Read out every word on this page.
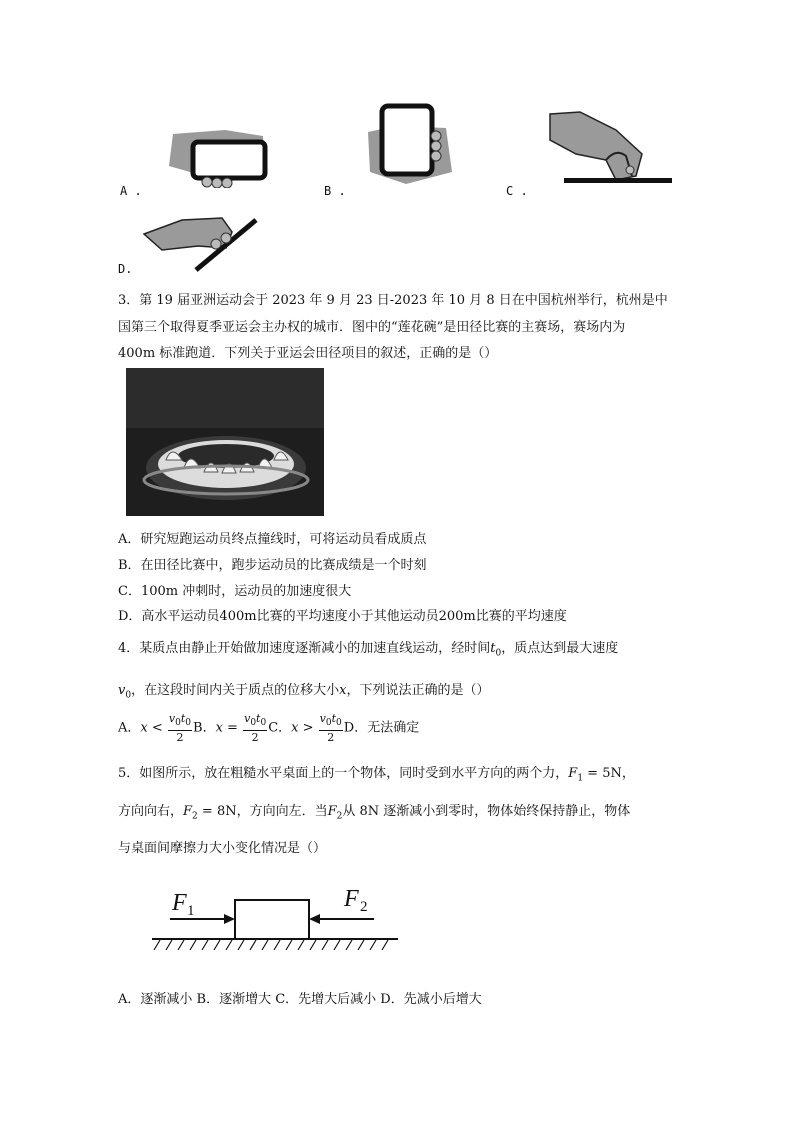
A .	B .	C .
D.
3．第 19 届亚洲运动会于 2023 年 9 月 23 日-2023 年 10 月 8 日在中国杭州举行，杭州是中
国第三个取得夏季亚运会主办权的城市．图中的“莲花碗”是田径比赛的主赛场，赛场内为
400m 标准跑道．下列关于亚运会田径项目的叙述，正确的是（）
A．研究短跑运动员终点撞线时，可将运动员看成质点
B．在田径比赛中，跑步运动员的比赛成绩是一个时刻
C．100m 冲刺时，运动员的加速度很大
D．高水平运动员400m比赛的平均速度小于其他运动员200m比赛的平均速度
4．某质点由静止开始做加速度逐渐减小的加速直线运动，经时间$t_0$，质点达到最大速度
$v_0$，在这段时间内关于质点的位移大小x，下列说法正确的是（）
A．$x < \frac{v_0t_0}{2}$ B．$x = \frac{v_0t_0}{2}$ C．$x > \frac{v_0t_0}{2}$ D．无法确定
5．如图所示，放在粗糙水平桌面上的一个物体，同时受到水平方向的两个力，$F_1 = 5N$，
方向向右，$F_2 = 8N$，方向向左．当$F_2$从 8N 逐渐减小到零时，物体始终保持静止，物体
与桌面间摩擦力大小变化情况是（）
F 1	F 2
A．逐渐减小 B．逐渐增大 C．先增大后减小 D．先减小后增大
